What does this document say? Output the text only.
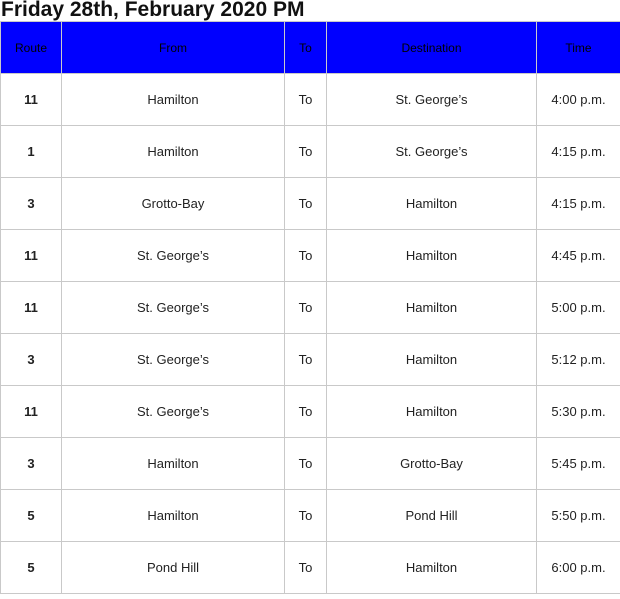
Friday 28th, February 2020 PM
Route	From	To	Destination	Time
11	Hamilton	To	St. George’s	4:00 p.m.
1	Hamilton	To	St. George’s	4:15 p.m.
3	Grotto-Bay	To	Hamilton	4:15 p.m.
11	St. George’s	To	Hamilton	4:45 p.m.
11	St. George’s	To	Hamilton	5:00 p.m.
3	St. George’s	To	Hamilton	5:12 p.m.
11	St. George’s	To	Hamilton	5:30 p.m.
3	Hamilton	To	Grotto-Bay	5:45 p.m.
5	Hamilton	To	Pond Hill	5:50 p.m.
5	Pond Hill	To	Hamilton	6:00 p.m.
